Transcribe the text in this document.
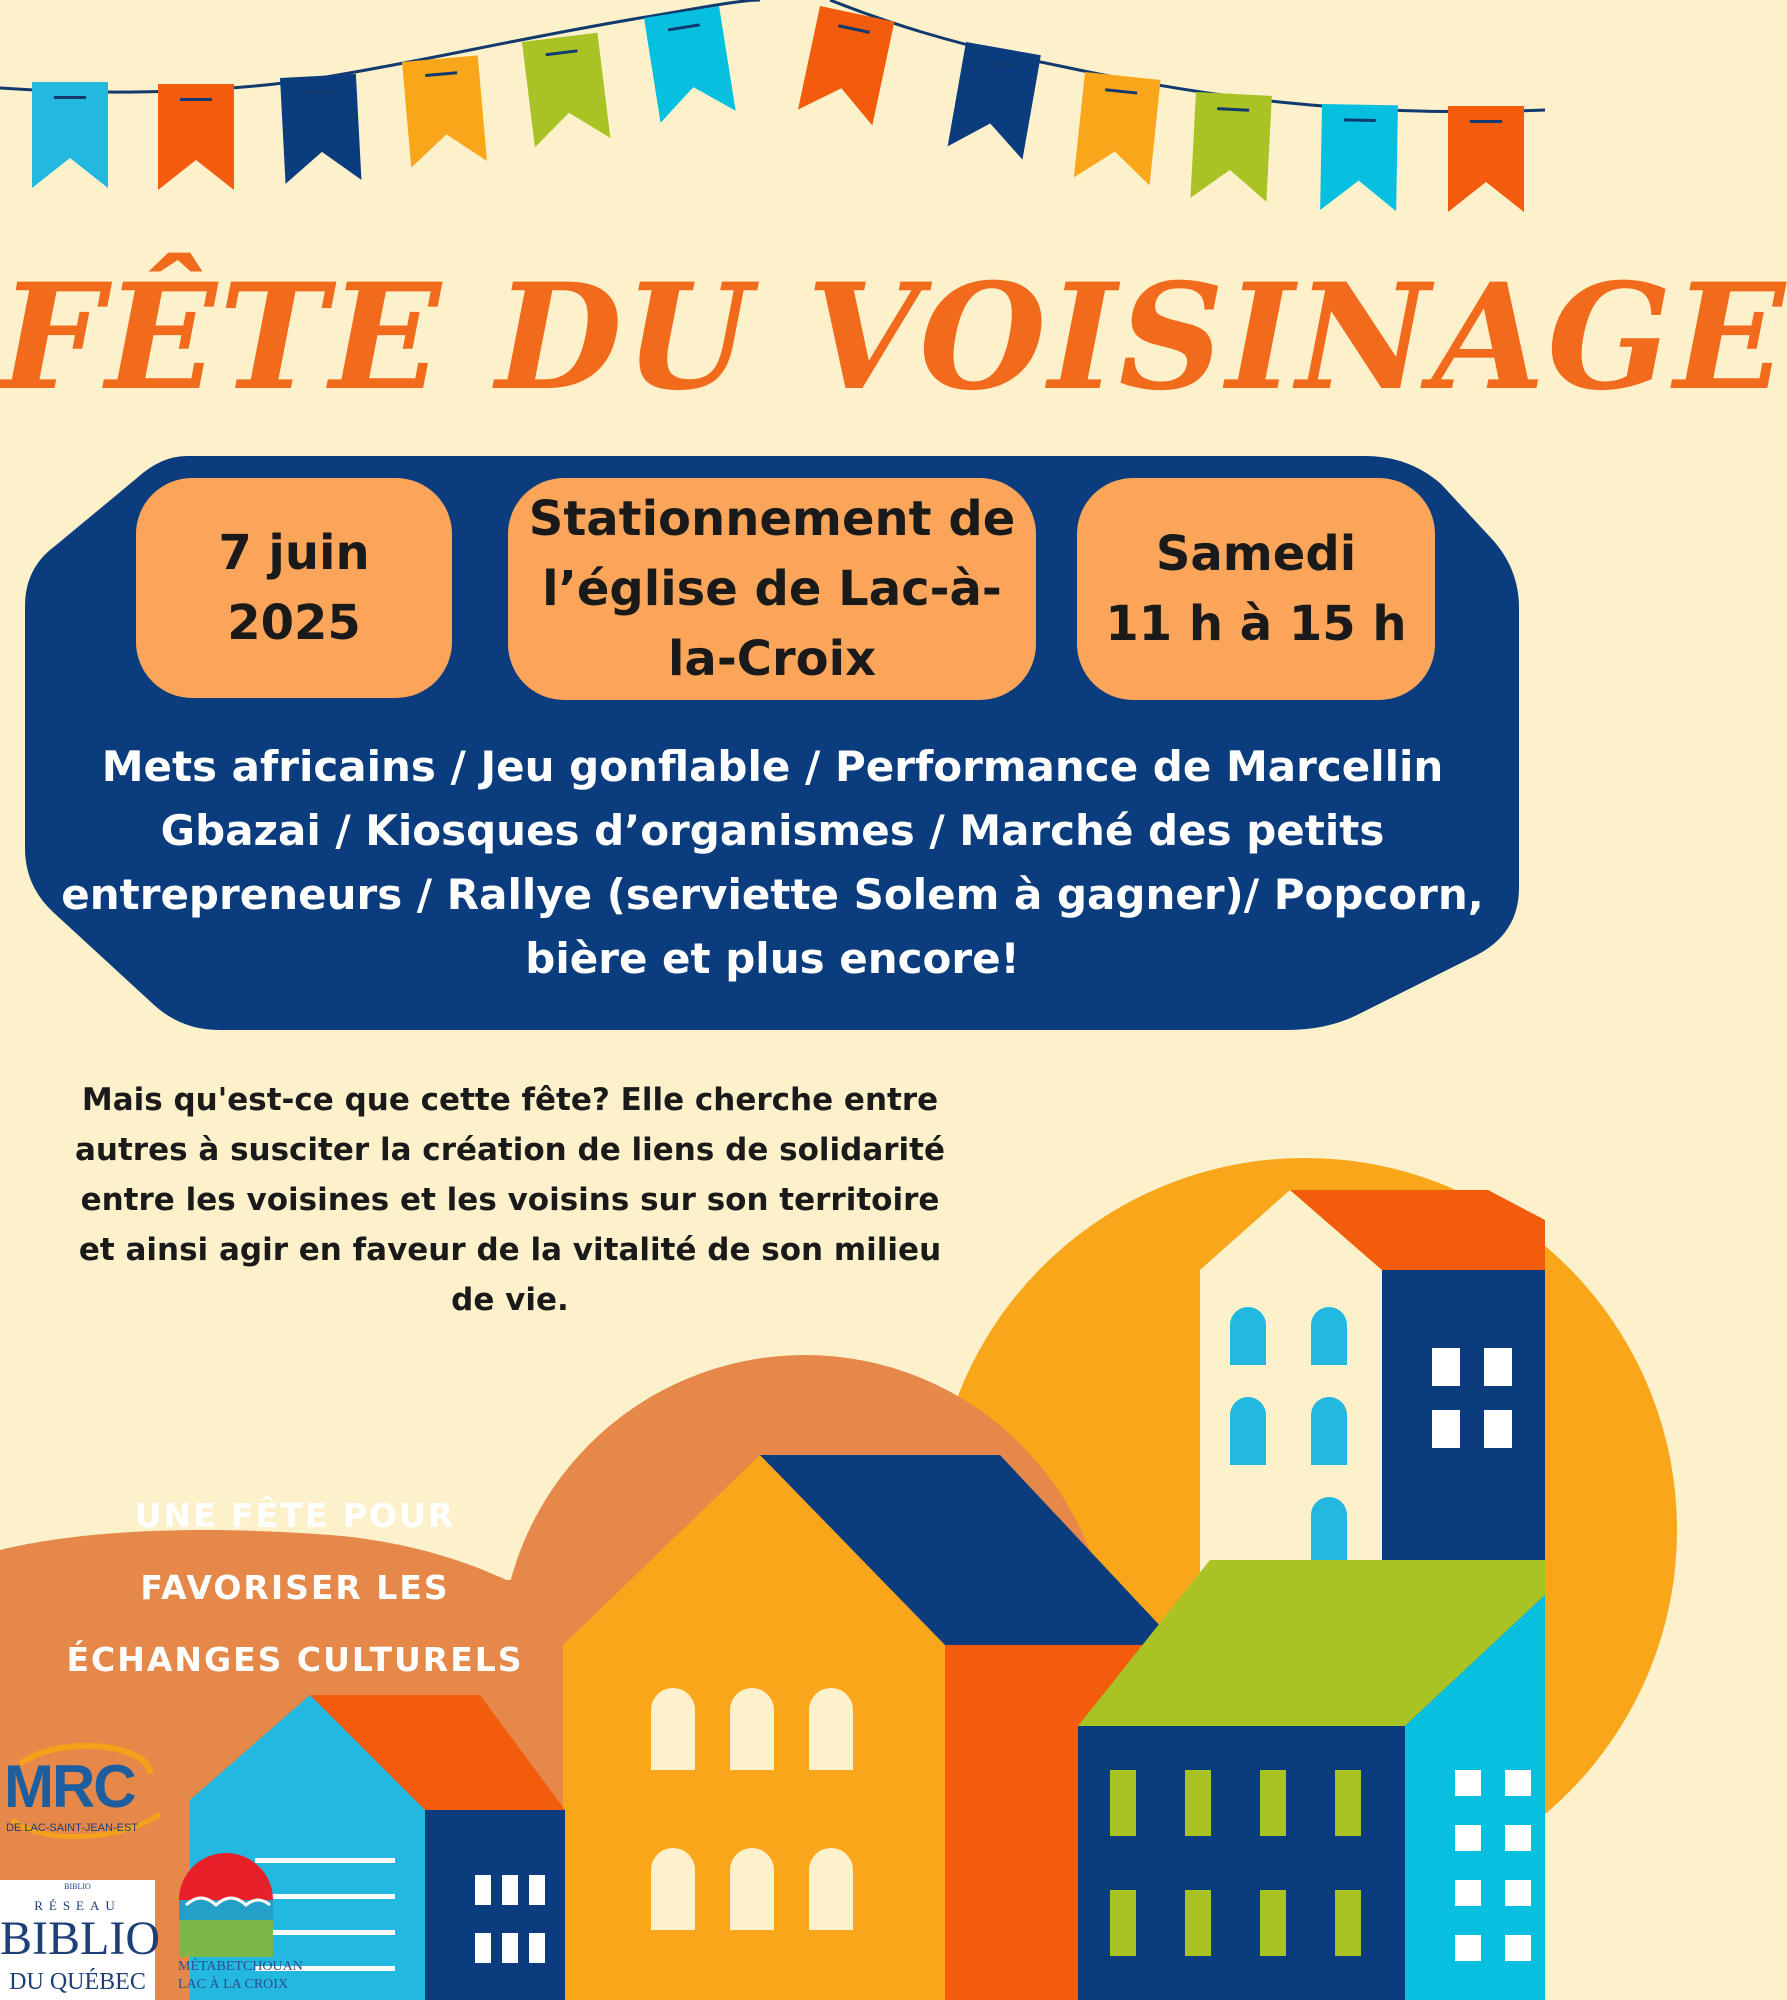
FÊTE DU VOISINAGE
7 juin
2025
Stationnement de
l’église de Lac-à-
la-Croix
Samedi
11 h à 15 h
Mets africains / Jeu gonflable / Performance de Marcellin Gbazai / Kiosques d’organismes / Marché des petits entrepreneurs / Rallye (serviette Solem à gagner)/ Popcorn, bière et plus encore!
Mais qu'est-ce que cette fête? Elle cherche entre autres à susciter la création de liens de solidarité entre les voisines et les voisins sur son territoire et ainsi agir en faveur de la vitalité de son milieu de vie.
UNE FÊTE POUR
FAVORISER LES
ÉCHANGES CULTURELS
MRC
DE LAC-SAINT-JEAN-EST
BIBLIO
RÉSEAU
BIBLIO
DU QUÉBEC
MÉTABETCHOUAN
LAC À LA CROIX
